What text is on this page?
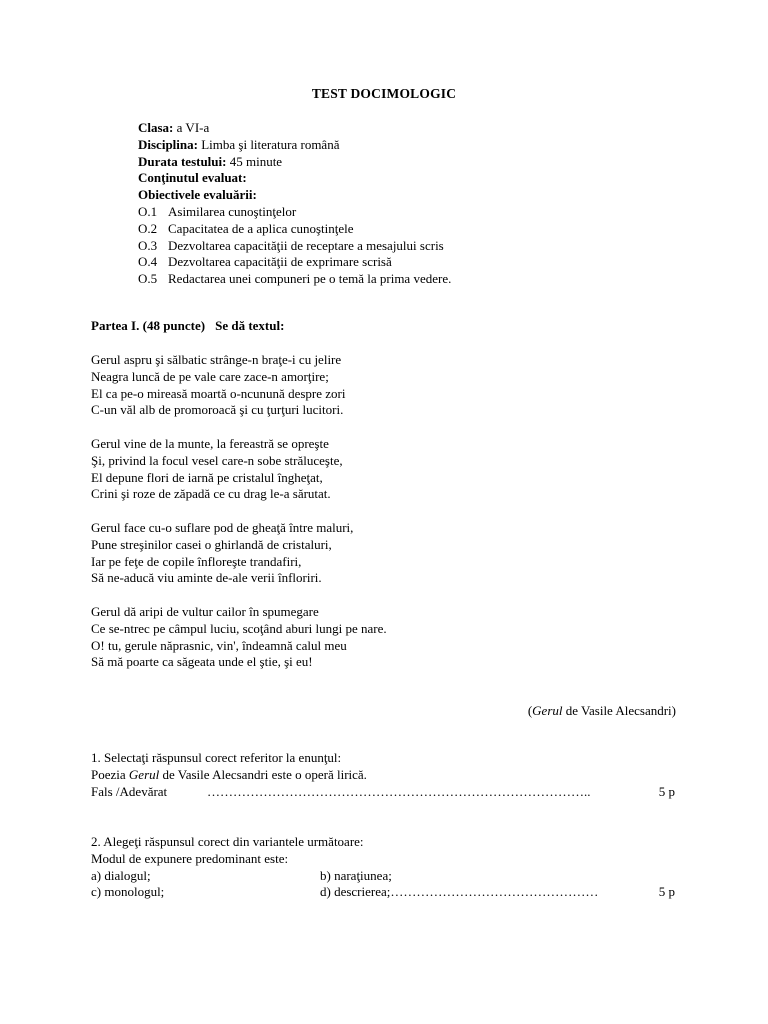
TEST DOCIMOLOGIC
Clasa: a VI-a
Disciplina: Limba şi literatura română
Durata testului: 45 minute
Conţinutul evaluat:
Obiectivele evaluării:
O.1 Asimilarea cunoştinţelor
O.2 Capacitatea de a aplica cunoştinţele
O.3 Dezvoltarea capacităţii de receptare a mesajului scris
O.4 Dezvoltarea capacităţii de exprimare scrisă
O.5 Redactarea unei compuneri pe o temă la prima vedere.
Partea I. (48 puncte) Se dă textul:
Gerul aspru şi sălbatic strânge-n braţe-i cu jelire
Neagra luncă de pe vale care zace-n amorţire;
El ca pe-o mireasă moartă o-ncunună despre zori
C-un văl alb de promoroacă şi cu ţurţuri lucitori.
Gerul vine de la munte, la fereastră se opreşte
Şi, privind la focul vesel care-n sobe străluceşte,
El depune flori de iarnă pe cristalul îngheţat,
Crini şi roze de zăpadă ce cu drag le-a sărutat.
Gerul face cu-o suflare pod de gheaţă între maluri,
Pune streşinilor casei o ghirlandă de cristaluri,
Iar pe feţe de copile înfloreşte trandafiri,
Să ne-aducă viu aminte de-ale verii înfloriri.
Gerul dă aripi de vultur cailor în spumegare
Ce se-ntrec pe câmpul luciu, scoţând aburi lungi pe nare.
O! tu, gerule năprasnic, vin', îndeamnă calul meu
Să mă poarte ca săgeata unde el ştie, şi eu!
(Gerul de Vasile Alecsandri)
1. Selectaţi răspunsul corect referitor la enunţul:
Poezia Gerul de Vasile Alecsandri este o operă lirică.
Fals /Adevărat	……………………………………………………………………………..	5 p
2. Alegeţi răspunsul corect din variantele următoare:
Modul de expunere predominant este:
a) dialogul;	b) naraţiunea;
c) monologul;	d) descrierea; …………………………………………	5 p
